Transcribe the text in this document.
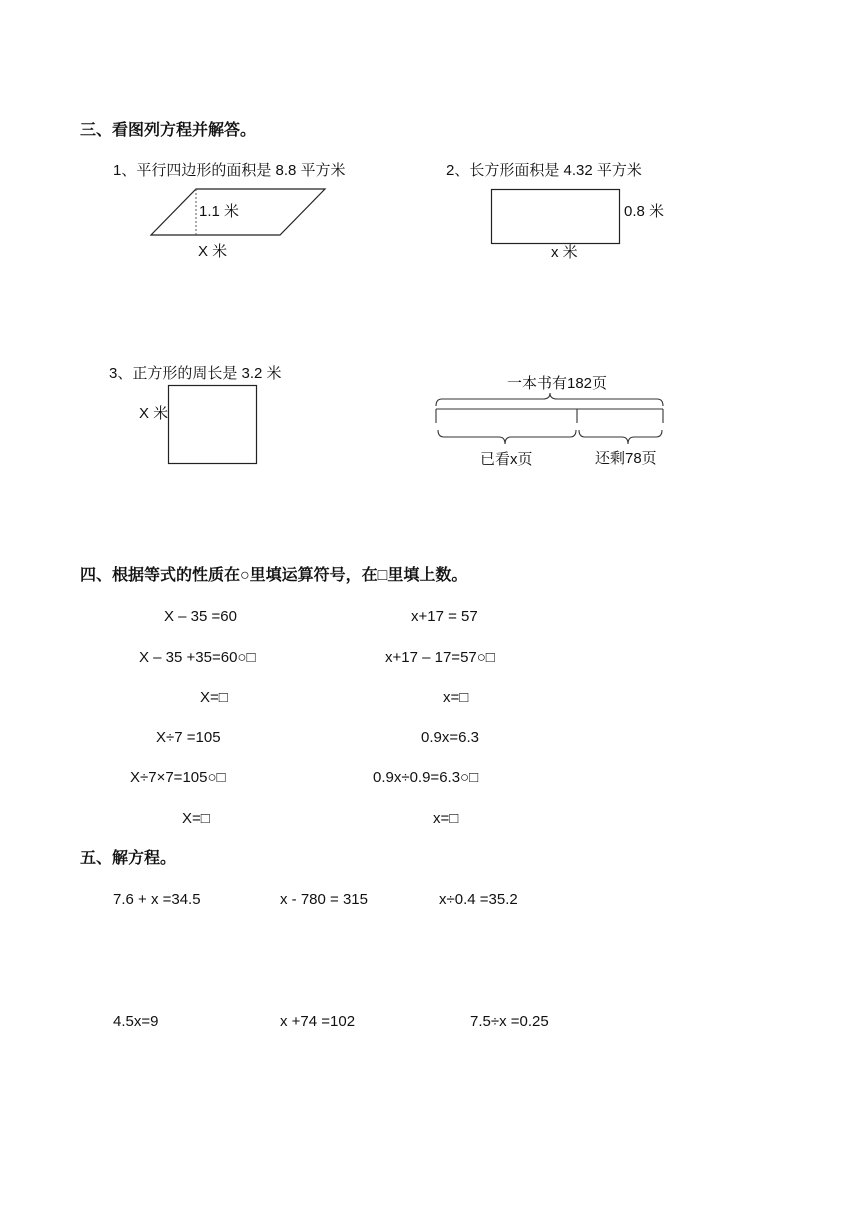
三、看图列方程并解答。
1、平行四边形的面积是 8.8 平方米
1.1 米
X 米
2、长方形面积是 4.32 平方米
0.8 米
x 米
3、正方形的周长是 3.2 米
X 米
一本书有182页
已看x页	还剩78页
四、根据等式的性质在○里填运算符号，在□里填上数。
X – 35 =60
X – 35 +35=60○□
X=□
X÷7 =105
X÷7×7=105○□
X=□
x+17 = 57
x+17 – 17=57○□
x=□
0.9x=6.3
0.9x÷0.9=6.3○□
x=□
五、解方程。
7.6 + x =34.5	x - 780 = 315	x÷0.4 =35.2
4.5x=9	x +74 =102	7.5÷x =0.25
